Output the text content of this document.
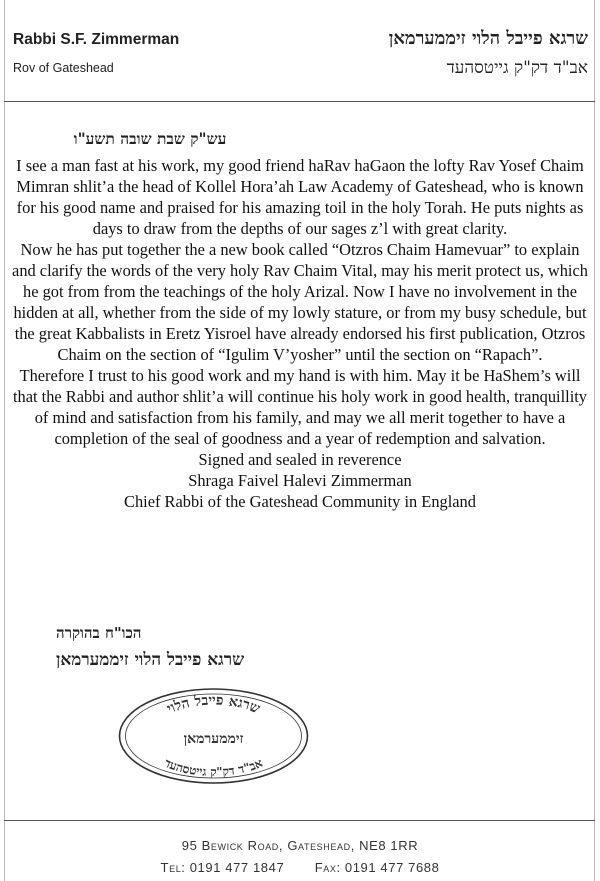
Rabbi S.F. Zimmerman
Rov of Gateshead
שרגא פייבל הלוי זיממערמאן
אב"ד דק"ק גייטסהעד
עש"ק שבת שובה תשע"ו

I see a man fast at his work, my good friend haRav haGaon the lofty Rav Yosef Chaim Mimran shlit’a the head of Kollel Hora’ah Law Academy of Gateshead, who is known for his good name and praised for his amazing toil in the holy Torah. He puts nights as days to draw from the depths of our sages z’l with great clarity.

Now he has put together the a new book called “Otzros Chaim Hamevuar” to explain and clarify the words of the very holy Rav Chaim Vital, may his merit protect us, which he got from from the teachings of the holy Arizal. Now I have no involvement in the hidden at all, whether from the side of my lowly stature, or from my busy schedule, but the great Kabbalists in Eretz Yisroel have already endorsed his first publication, Otzros Chaim on the section of “Igulim V’yosher” until the section on “Rapach”.

Therefore I trust to his good work and my hand is with him. May it be HaShem’s will that the Rabbi and author shlit’a will continue his holy work in good health, tranquillity of mind and satisfaction from his family, and may we all merit together to have a completion of the seal of goodness and a year of redemption and salvation.

Signed and sealed in reverence

Shraga Faivel Halevi Zimmerman

Chief Rabbi of the Gateshead Community in England

הכו"ח בהוקרה
שרגא פייבל הלוי זיממערמאן
שרגא פייבל הלוי
זיממערמאן
אב"ד דק"ק גייטסהעד
95 Bewick Road, Gateshead, NE8 1RR
Tel: 0191 477 1847 Fax: 0191 477 7688
